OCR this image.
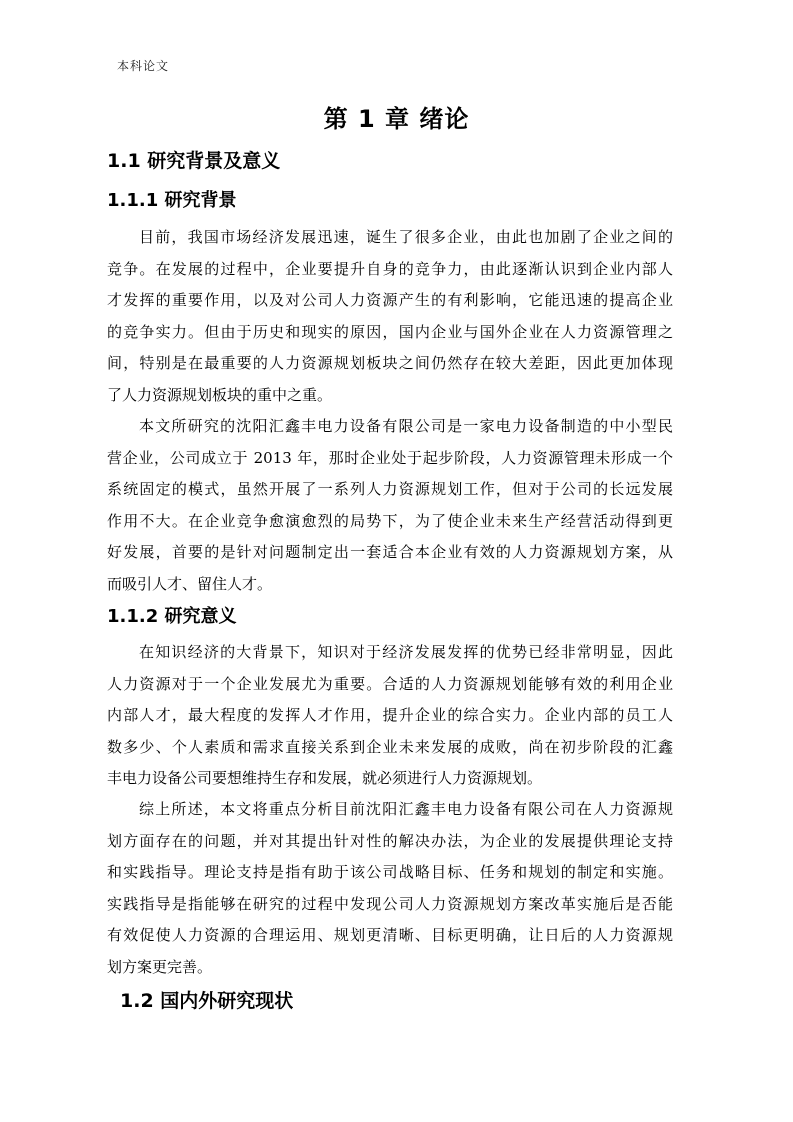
本科论文
第 1 章 绪论
1.1 研究背景及意义
1.1.1 研究背景
目前，我国市场经济发展迅速，诞生了很多企业，由此也加剧了企业之间的
竞争。在发展的过程中，企业要提升自身的竞争力，由此逐渐认识到企业内部人
才发挥的重要作用，以及对公司人力资源产生的有利影响，它能迅速的提高企业
的竞争实力。但由于历史和现实的原因，国内企业与国外企业在人力资源管理之
间，特别是在最重要的人力资源规划板块之间仍然存在较大差距，因此更加体现
了人力资源规划板块的重中之重。
本文所研究的沈阳汇鑫丰电力设备有限公司是一家电力设备制造的中小型民
营企业，公司成立于 2013 年，那时企业处于起步阶段，人力资源管理未形成一个
系统固定的模式，虽然开展了一系列人力资源规划工作，但对于公司的长远发展
作用不大。在企业竞争愈演愈烈的局势下，为了使企业未来生产经营活动得到更
好发展，首要的是针对问题制定出一套适合本企业有效的人力资源规划方案，从
而吸引人才、留住人才。
1.1.2 研究意义
在知识经济的大背景下，知识对于经济发展发挥的优势已经非常明显，因此
人力资源对于一个企业发展尤为重要。合适的人力资源规划能够有效的利用企业
内部人才，最大程度的发挥人才作用，提升企业的综合实力。企业内部的员工人
数多少、个人素质和需求直接关系到企业未来发展的成败，尚在初步阶段的汇鑫
丰电力设备公司要想维持生存和发展，就必须进行人力资源规划。
综上所述，本文将重点分析目前沈阳汇鑫丰电力设备有限公司在人力资源规
划方面存在的问题，并对其提出针对性的解决办法，为企业的发展提供理论支持
和实践指导。理论支持是指有助于该公司战略目标、任务和规划的制定和实施。
实践指导是指能够在研究的过程中发现公司人力资源规划方案改革实施后是否能
有效促使人力资源的合理运用、规划更清晰、目标更明确，让日后的人力资源规
划方案更完善。
1.2 国内外研究现状
